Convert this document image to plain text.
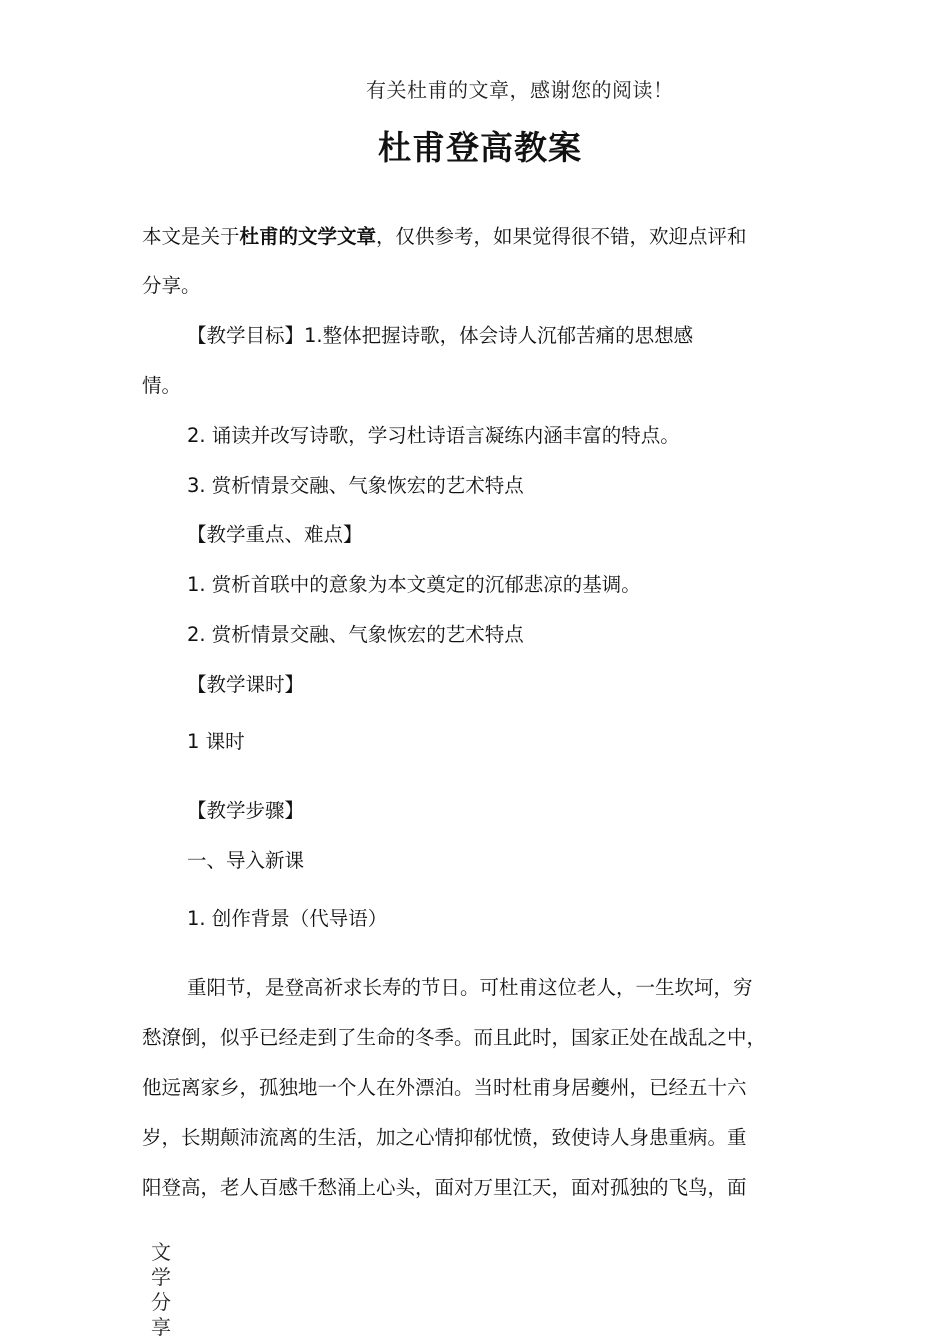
有关杜甫的文章，感谢您的阅读！
杜甫登高教案
本文是关于杜甫的文学文章，仅供参考，如果觉得很不错，欢迎点评和
分享。
【教学目标】1.整体把握诗歌，体会诗人沉郁苦痛的思想感
情。
2. 诵读并改写诗歌，学习杜诗语言凝练内涵丰富的特点。
3. 赏析情景交融、气象恢宏的艺术特点
【教学重点、难点】
1. 赏析首联中的意象为本文奠定的沉郁悲凉的基调。
2. 赏析情景交融、气象恢宏的艺术特点
【教学课时】
1 课时
【教学步骤】
一、导入新课
1. 创作背景（代导语）
重阳节，是登高祈求长寿的节日。可杜甫这位老人，一生坎坷，穷
愁潦倒，似乎已经走到了生命的冬季。而且此时，国家正处在战乱之中，
他远离家乡，孤独地一个人在外漂泊。当时杜甫身居夔州，已经五十六
岁，长期颠沛流离的生活，加之心情抑郁忧愤，致使诗人身患重病。重
阳登高，老人百感千愁涌上心头，面对万里江天，面对孤独的飞鸟，面
文
学
分
享
